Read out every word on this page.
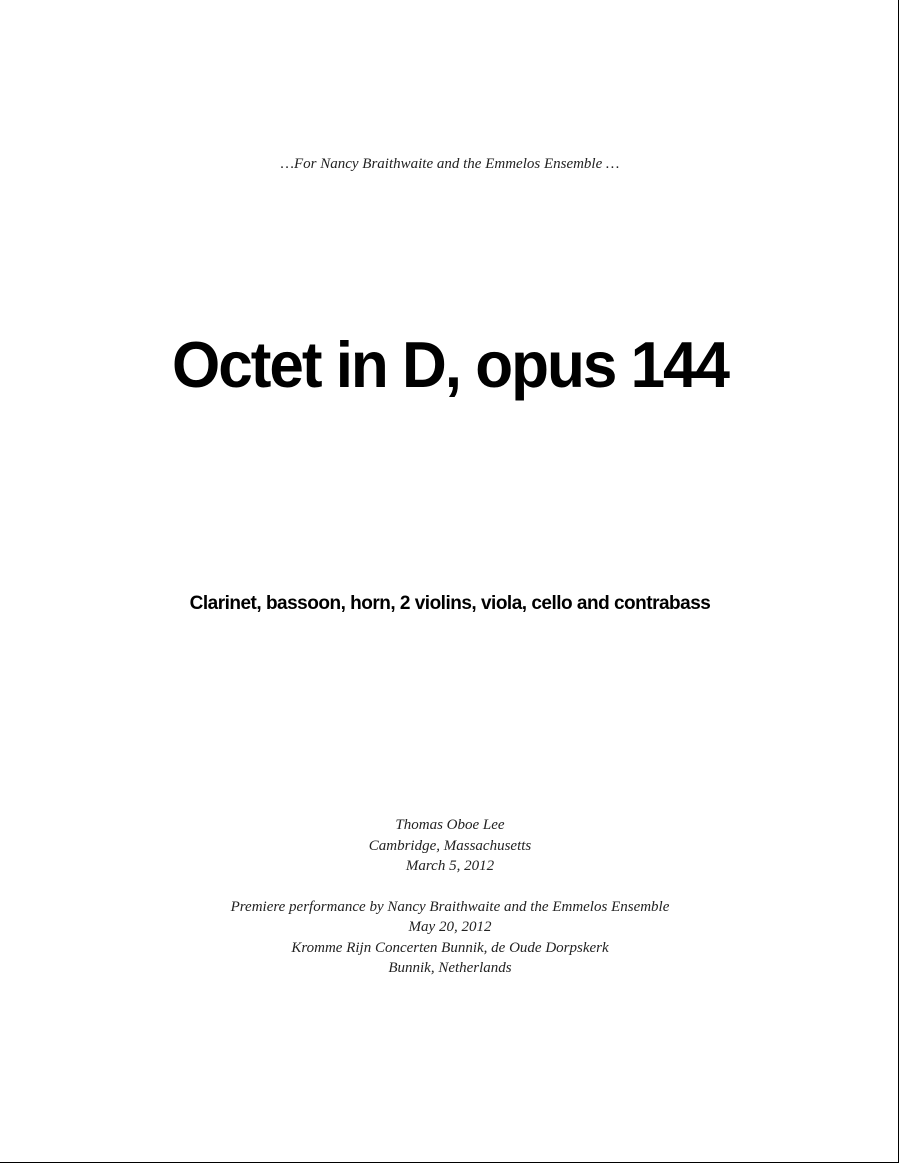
…For Nancy Braithwaite and the Emmelos Ensemble …
Octet in D, opus 144
Clarinet, bassoon, horn, 2 violins, viola, cello and contrabass
Thomas Oboe Lee
Cambridge, Massachusetts
March 5, 2012
Premiere performance by Nancy Braithwaite and the Emmelos Ensemble
May 20, 2012
Kromme Rijn Concerten Bunnik, de Oude Dorpskerk
Bunnik, Netherlands
